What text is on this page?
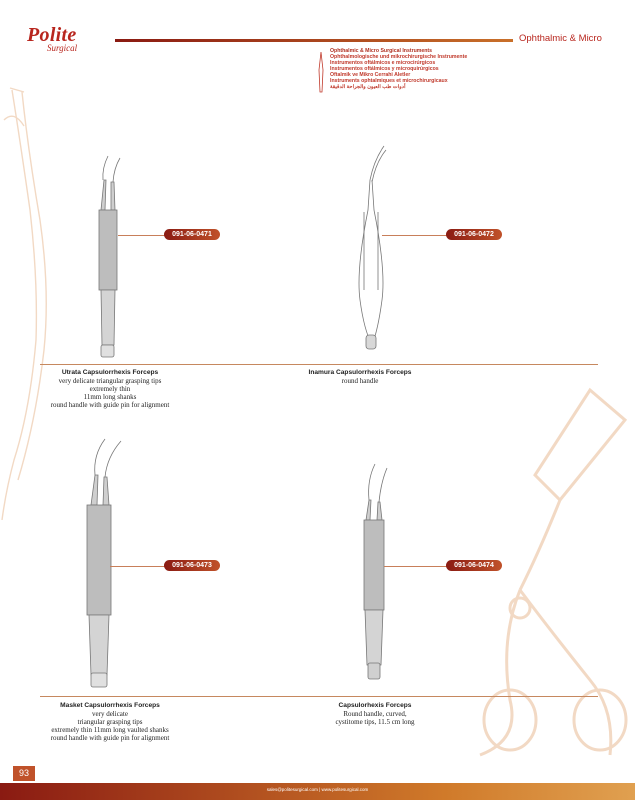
Polite
Surgical
Ophthalmic & Micro
Ophthalmic & Micro Surgical Instruments
Ophthalmologische und mikrochirurgische Instrumente
Instrumentos oftálmicos e microcirúrgicos
Instrumentos oftálmicos y microquirúrgicos
Oftalmik ve Mikro Cerrahi Aletler
Instruments ophtalmiques et microchirurgicaux
أدوات طب العيون والجراحة الدقيقة
091-06-0471	091-06-0472
Utrata Capsulorrhexis Forceps
very delicate triangular grasping tips
extremely thin
11mm long shanks
round handle with guide pin for alignment
Inamura Capsulorrhexis Forceps
round handle
091-06-0473	091-06-0474
Masket Capsulorrhexis Forceps
very delicate
triangular grasping tips
extremely thin 11mm long vaulted shanks
round handle with guide pin for alignment
Capsulorhexis Forceps
Round handle, curved,
cystitome tips, 11.5 cm long
93
sales@politesurgical.com | www.politesurgical.com
